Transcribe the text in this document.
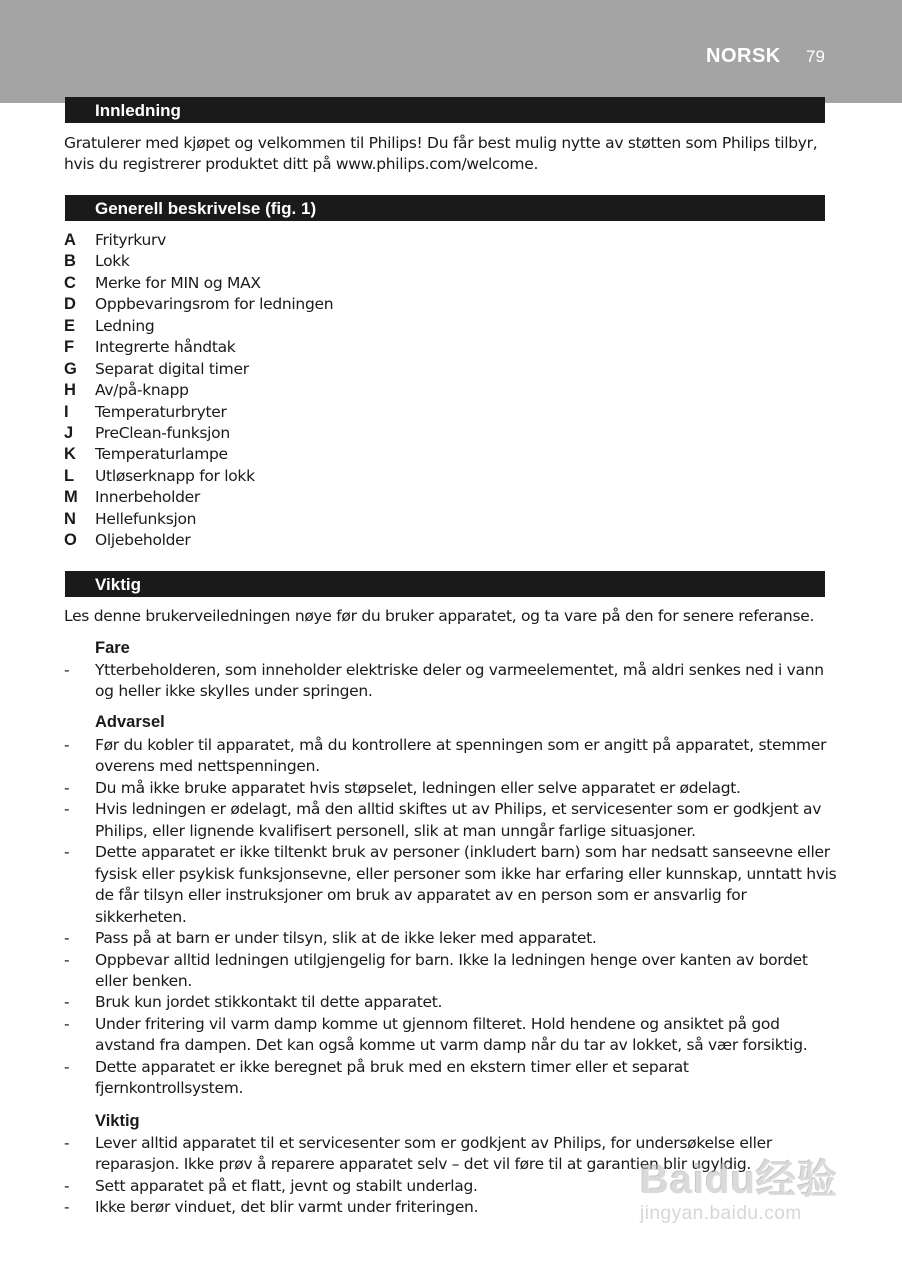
NORSK 79
Innledning
Gratulerer med kjøpet og velkommen til Philips! Du får best mulig nytte av støtten som Philips tilbyr, hvis du registrerer produktet ditt på www.philips.com/welcome.
Generell beskrivelse (fig. 1)
A Frityrkurv
B Lokk
C Merke for MIN og MAX
D Oppbevaringsrom for ledningen
E Ledning
F Integrerte håndtak
G Separat digital timer
H Av/på-knapp
I Temperaturbryter
J PreClean-funksjon
K Temperaturlampe
L Utløserknapp for lokk
M Innerbeholder
N Hellefunksjon
O Oljebeholder
Viktig
Les denne brukerveiledningen nøye før du bruker apparatet, og ta vare på den for senere referanse.
Fare
- Ytterbeholderen, som inneholder elektriske deler og varmeelementet, må aldri senkes ned i vann og heller ikke skylles under springen.
Advarsel
- Før du kobler til apparatet, må du kontrollere at spenningen som er angitt på apparatet, stemmer overens med nettspenningen.
- Du må ikke bruke apparatet hvis støpselet, ledningen eller selve apparatet er ødelagt.
- Hvis ledningen er ødelagt, må den alltid skiftes ut av Philips, et servicesenter som er godkjent av Philips, eller lignende kvalifisert personell, slik at man unngår farlige situasjoner.
- Dette apparatet er ikke tiltenkt bruk av personer (inkludert barn) som har nedsatt sanseevne eller fysisk eller psykisk funksjonsevne, eller personer som ikke har erfaring eller kunnskap, unntatt hvis de får tilsyn eller instruksjoner om bruk av apparatet av en person som er ansvarlig for sikkerheten.
- Pass på at barn er under tilsyn, slik at de ikke leker med apparatet.
- Oppbevar alltid ledningen utilgjengelig for barn. Ikke la ledningen henge over kanten av bordet eller benken.
- Bruk kun jordet stikkontakt til dette apparatet.
- Under fritering vil varm damp komme ut gjennom filteret. Hold hendene og ansiktet på god avstand fra dampen. Det kan også komme ut varm damp når du tar av lokket, så vær forsiktig.
- Dette apparatet er ikke beregnet på bruk med en ekstern timer eller et separat fjernkontrollsystem.
Viktig
- Lever alltid apparatet til et servicesenter som er godkjent av Philips, for undersøkelse eller reparasjon. Ikke prøv å reparere apparatet selv – det vil føre til at garantien blir ugyldig.
- Sett apparatet på et flatt, jevnt og stabilt underlag.
- Ikke berør vinduet, det blir varmt under friteringen.
Baidu经验
jingyan.baidu.com
